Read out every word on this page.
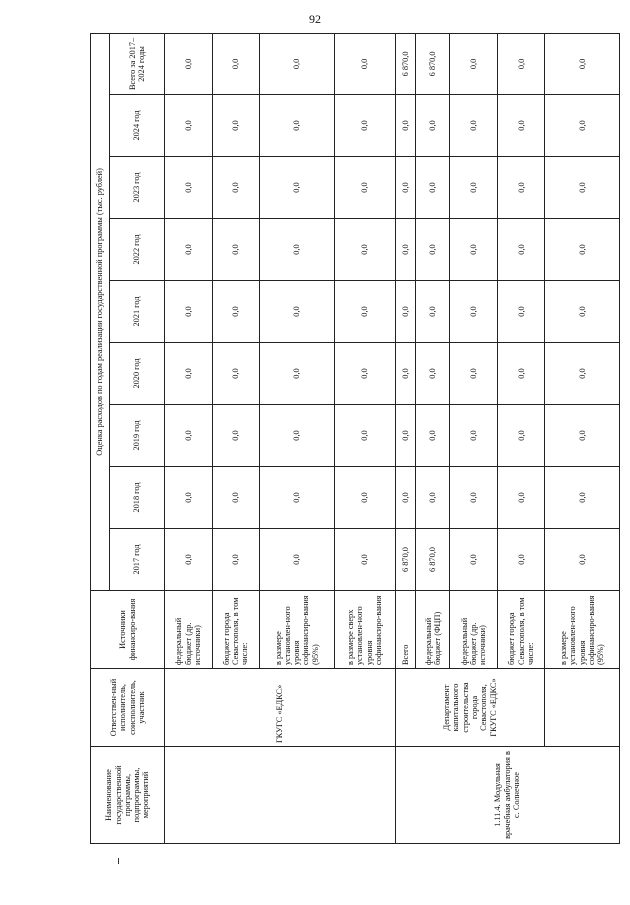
92
Наименование государственной программы, подпрограммы, мероприятий	Ответствен-ный исполнитель, соисполнитель, участник	Источники финансиро-вания	Оценка расходов по годам реализации государственной программы (тыс. рублей)								
			2017 год	2018 год	2019 год	2020 год	2021 год	2022 год	2023 год	2024 год	Всего за 2017–2024 годы
	ГКУГС «ЕДКС»	федеральный бюджет (др. источники)	0,0	0,0	0,0	0,0	0,0	0,0	0,0	0,0	0,0
		бюджет города Севастополя, в том числе:	0,0	0,0	0,0	0,0	0,0	0,0	0,0	0,0	0,0
		в размере установлен-ного уровня софинансиро-вания (95%)	0,0	0,0	0,0	0,0	0,0	0,0	0,0	0,0	0,0
		в размере сверх установлен-ного уровня софинансиро-вания	0,0	0,0	0,0	0,0	0,0	0,0	0,0	0,0	0,0
1.11.4. Модульная врачебная амбулатория в с. Солнечное	Департамент капитального строительства города Севастополя, ГКУГС «ЕДКС»	Всего	6 870,0	0,0	0,0	0,0	0,0	0,0	0,0	0,0	6 870,0
		федеральный бюджет (ФЦП)	6 870,0	0,0	0,0	0,0	0,0	0,0	0,0	0,0	6 870,0
		федеральный бюджет (др. источники)	0,0	0,0	0,0	0,0	0,0	0,0	0,0	0,0	0,0
		бюджет города Севастополя, в том числе:	0,0	0,0	0,0	0,0	0,0	0,0	0,0	0,0	0,0
		в размере установлен-ного уровня софинансиро-вания (95%)	0,0	0,0	0,0	0,0	0,0	0,0	0,0	0,0	0,0
